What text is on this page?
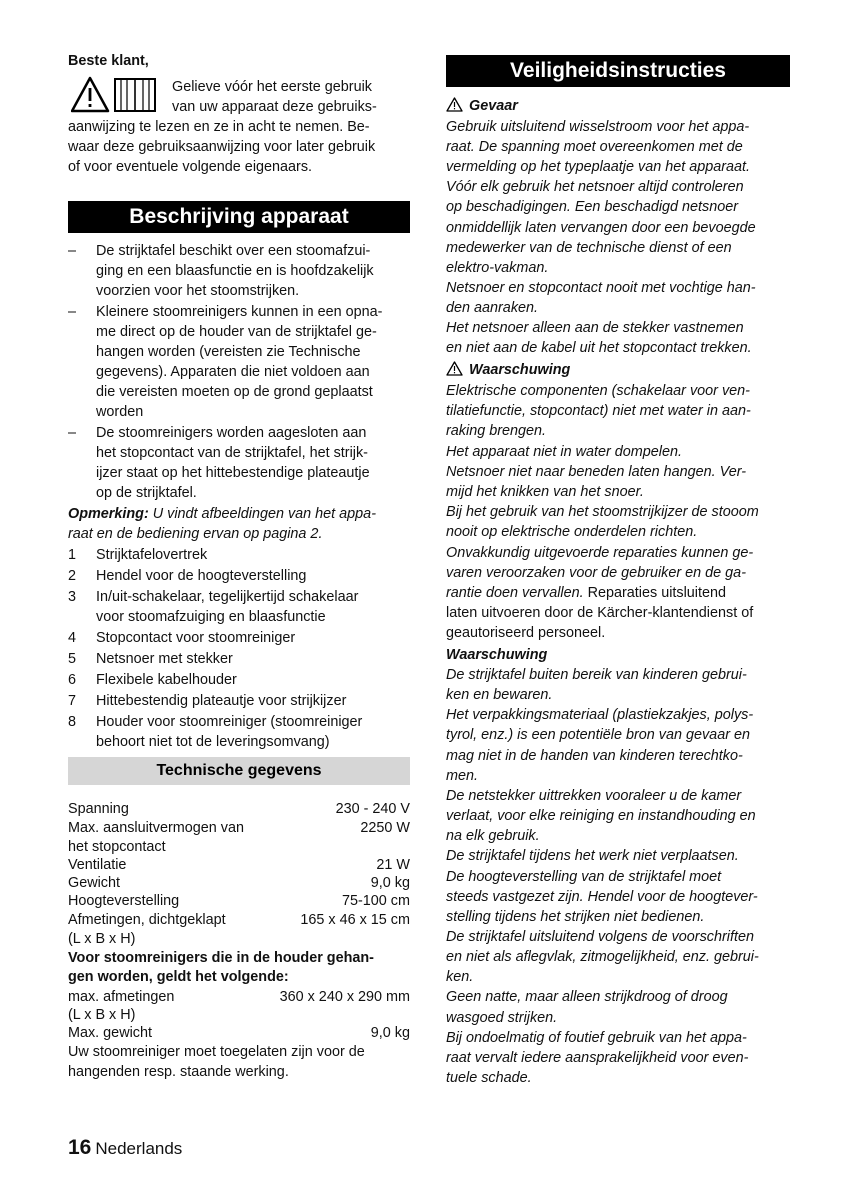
Beste klant,
Gelieve vóór het eerste gebruik
van uw apparaat deze gebruiks-
aanwijzing te lezen en ze in acht te nemen. Be-
waar deze gebruiksaanwijzing voor later gebruik
of voor eventuele volgende eigenaars.
Beschrijving apparaat
– De strijktafel beschikt over een stoomafzui-
ging en een blaasfunctie en is hoofdzakelijk
voorzien voor het stoomstrijken.
– Kleinere stoomreinigers kunnen in een opna-
me direct op de houder van de strijktafel ge-
hangen worden (vereisten zie Technische
gegevens). Apparaten die niet voldoen aan
die vereisten moeten op de grond geplaatst
worden
– De stoomreinigers worden aagesloten aan
het stopcontact van de strijktafel, het strijk-
ijzer staat op het hittebestendige plateautje
op de strijktafel.
Opmerking: U vindt afbeeldingen van het appa-
raat en de bediening ervan op pagina 2.
1 Strijktafelovertrek
2 Hendel voor de hoogteverstelling
3 In/uit-schakelaar, tegelijkertijd schakelaar
voor stoomafzuiging en blaasfunctie
4 Stopcontact voor stoomreiniger
5 Netsnoer met stekker
6 Flexibele kabelhouder
7 Hittebestendig plateautje voor strijkijzer
8 Houder voor stoomreiniger (stoomreiniger
behoort niet tot de leveringsomvang)
Technische gegevens
Spanning	230 - 240 V
Max. aansluitvermogen van	2250 W
het stopcontact
Ventilatie	21 W
Gewicht	9,0 kg
Hoogteverstelling	75-100 cm
Afmetingen, dichtgeklapt	165 x 46 x 15 cm
(L x B x H)
Voor stoomreinigers die in de houder gehan-
gen worden, geldt het volgende:
max. afmetingen	360 x 240 x 290 mm
(L x B x H)
Max. gewicht	9,0 kg
Uw stoomreiniger moet toegelaten zijn voor de
hangenden resp. staande werking.
Veiligheidsinstructies
Gevaar
Gebruik uitsluitend wisselstroom voor het appa-
raat. De spanning moet overeenkomen met de
vermelding op het typeplaatje van het apparaat.
Vóór elk gebruik het netsnoer altijd controleren
op beschadigingen. Een beschadigd netsnoer
onmiddellijk laten vervangen door een bevoegde
medewerker van de technische dienst of een
elektro-vakman.
Netsnoer en stopcontact nooit met vochtige han-
den aanraken.
Het netsnoer alleen aan de stekker vastnemen
en niet aan de kabel uit het stopcontact trekken.
Waarschuwing
Elektrische componenten (schakelaar voor ven-
tilatiefunctie, stopcontact) niet met water in aan-
raking brengen.
Het apparaat niet in water dompelen.
Netsnoer niet naar beneden laten hangen. Ver-
mijd het knikken van het snoer.
Bij het gebruik van het stoomstrijkijzer de stooom
nooit op elektrische onderdelen richten.
Onvakkundig uitgevoerde reparaties kunnen ge-
varen veroorzaken voor de gebruiker en de ga-
rantie doen vervallen. Reparaties uitsluitend
laten uitvoeren door de Kärcher-klantendienst of
geautoriseerd personeel.
Waarschuwing
De strijktafel buiten bereik van kinderen gebrui-
ken en bewaren.
Het verpakkingsmateriaal (plastiekzakjes, polys-
tyrol, enz.) is een potentiële bron van gevaar en
mag niet in de handen van kinderen terechtko-
men.
De netstekker uittrekken vooraleer u de kamer
verlaat, voor elke reiniging en instandhouding en
na elk gebruik.
De strijktafel tijdens het werk niet verplaatsen.
De hoogteverstelling van de strijktafel moet
steeds vastgezet zijn. Hendel voor de hoogtever-
stelling tijdens het strijken niet bedienen.
De strijktafel uitsluitend volgens de voorschriften
en niet als aflegvlak, zitmogelijkheid, enz. gebrui-
ken.
Geen natte, maar alleen strijkdroog of droog
wasgoed strijken.
Bij ondoelmatig of foutief gebruik van het appa-
raat vervalt iedere aansprakelijkheid voor even-
tuele schade.
16 Nederlands
